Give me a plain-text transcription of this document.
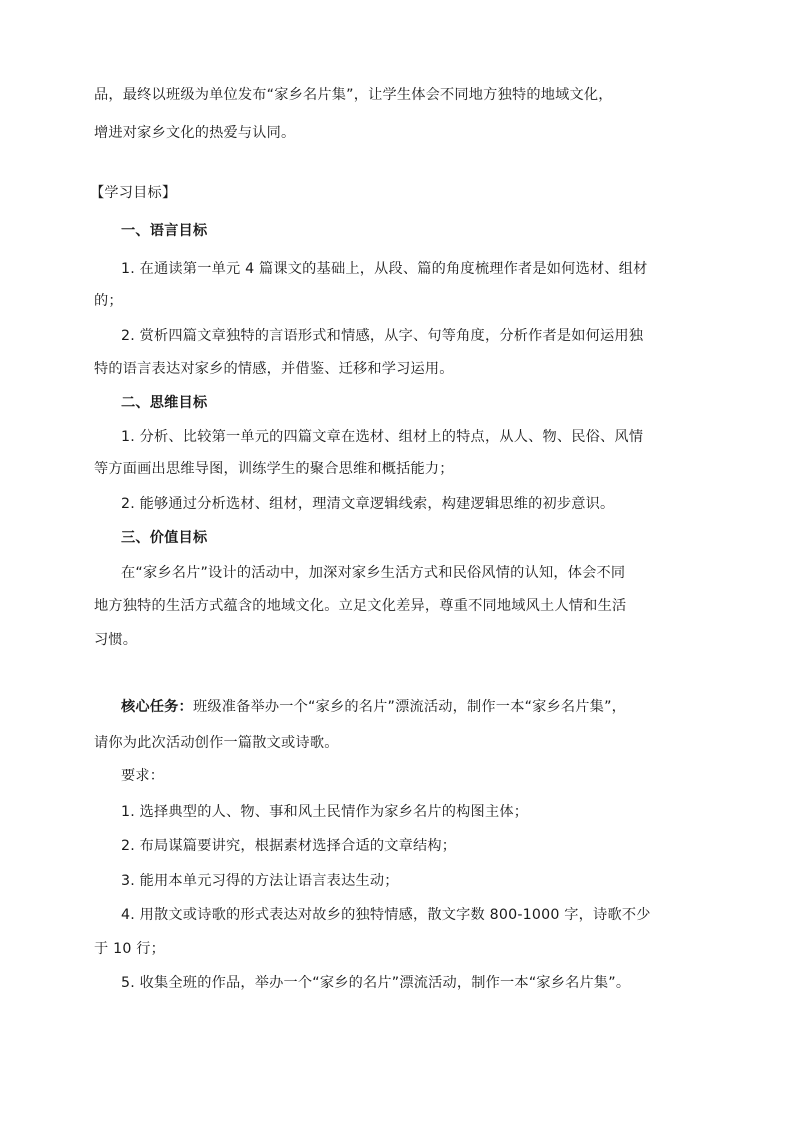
品，最终以班级为单位发布“家乡名片集”，让学生体会不同地方独特的地域文化，
增进对家乡文化的热爱与认同。
【学习目标】
一、语言目标
1. 在通读第一单元 4 篇课文的基础上，从段、篇的角度梳理作者是如何选材、组材
的；
2. 赏析四篇文章独特的言语形式和情感，从字、句等角度，分析作者是如何运用独
特的语言表达对家乡的情感，并借鉴、迁移和学习运用。
二、思维目标
1. 分析、比较第一单元的四篇文章在选材、组材上的特点，从人、物、民俗、风情
等方面画出思维导图，训练学生的聚合思维和概括能力；
2. 能够通过分析选材、组材，理清文章逻辑线索，构建逻辑思维的初步意识。
三、价值目标
在“家乡名片”设计的活动中，加深对家乡生活方式和民俗风情的认知，体会不同
地方独特的生活方式蕴含的地域文化。立足文化差异，尊重不同地域风土人情和生活
习惯。
核心任务：班级准备举办一个“家乡的名片”漂流活动，制作一本“家乡名片集”，
请你为此次活动创作一篇散文或诗歌。
要求：
1. 选择典型的人、物、事和风土民情作为家乡名片的构图主体；
2. 布局谋篇要讲究，根据素材选择合适的文章结构；
3. 能用本单元习得的方法让语言表达生动；
4. 用散文或诗歌的形式表达对故乡的独特情感，散文字数 800-1000 字，诗歌不少
于 10 行；
5. 收集全班的作品，举办一个“家乡的名片”漂流活动，制作一本“家乡名片集”。
